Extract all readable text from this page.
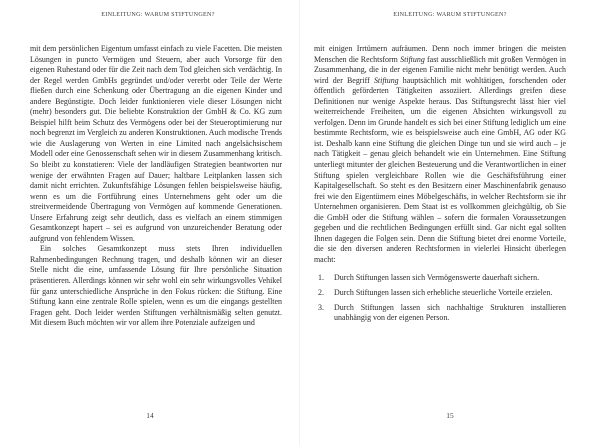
EINLEITUNG: WARUM STIFTUNGEN?

mit dem persönlichen Eigentum umfasst einfach zu viele Facetten. Die meisten Lösungen in puncto Vermögen und Steuern, aber auch Vorsorge für den eigenen Ruhestand oder für die Zeit nach dem Tod gleichen sich verdächtig. In der Regel werden GmbHs gegründet und/oder vererbt oder Teile der Werte fließen durch eine Schenkung oder Übertragung an die eigenen Kinder und andere Begünstigte. Doch leider funktionieren viele dieser Lösungen nicht (mehr) besonders gut. Die beliebte Konstruktion der GmbH & Co. KG zum Beispiel hilft beim Schutz des Vermögens oder bei der Steueroptimierung nur noch begrenzt im Vergleich zu anderen Konstruktionen. Auch modische Trends wie die Auslagerung von Werten in eine Limited nach angelsächsischem Modell oder eine Genossenschaft sehen wir in diesem Zusammenhang kritisch. So bleibt zu konstatieren: Viele der landläufigen Strategien beantworten nur wenige der erwähnten Fragen auf Dauer; haltbare Leitplanken lassen sich damit nicht errichten. Zukunftsfähige Lösungen fehlen beispielsweise häufig, wenn es um die Fortführung eines Unternehmens geht oder um die streitvermeidende Übertragung von Vermögen auf kommende Generationen. Unsere Erfahrung zeigt sehr deutlich, dass es vielfach an einem stimmigen Gesamtkonzept hapert – sei es aufgrund von unzureichender Beratung oder aufgrund von fehlendem Wissen.

Ein solches Gesamtkonzept muss stets Ihren individuellen Rahmenbedingungen Rechnung tragen, und deshalb können wir an dieser Stelle nicht die eine, umfassende Lösung für Ihre persönliche Situation präsentieren. Allerdings können wir sehr wohl ein sehr wirkungsvolles Vehikel für ganz unterschiedliche Ansprüche in den Fokus rücken: die Stiftung. Eine Stiftung kann eine zentrale Rolle spielen, wenn es um die eingangs gestellten Fragen geht. Doch leider werden Stiftungen verhältnismäßig selten genutzt. Mit diesem Buch möchten wir vor allem ihre Potenziale aufzeigen und

14
EINLEITUNG: WARUM STIFTUNGEN?

mit einigen Irrtümern aufräumen. Denn noch immer bringen die meisten Menschen die Rechtsform Stiftung fast ausschließlich mit großen Vermögen in Zusammenhang, die in der eigenen Familie nicht mehr benötigt werden. Auch wird der Begriff Stiftung hauptsächlich mit wohltätigen, forschenden oder öffentlich geförderten Tätigkeiten assoziiert. Allerdings greifen diese Definitionen nur wenige Aspekte heraus. Das Stiftungsrecht lässt hier viel weiterreichende Freiheiten, um die eigenen Absichten wirkungsvoll zu verfolgen. Denn im Grunde handelt es sich bei einer Stiftung lediglich um eine bestimmte Rechtsform, wie es beispielsweise auch eine GmbH, AG oder KG ist. Deshalb kann eine Stiftung die gleichen Dinge tun und sie wird auch – je nach Tätigkeit – genau gleich behandelt wie ein Unternehmen. Eine Stiftung unterliegt mitunter der gleichen Besteuerung und die Verantwortlichen in einer Stiftung spielen vergleichbare Rollen wie die Geschäftsführung einer Kapitalgesellschaft. So steht es den Besitzern einer Maschinenfabrik genauso frei wie den Eigentümern eines Möbelgeschäfts, in welcher Rechtsform sie ihr Unternehmen organisieren. Dem Staat ist es vollkommen gleichgültig, ob Sie die GmbH oder die Stiftung wählen – sofern die formalen Voraussetzungen gegeben und die rechtlichen Bedingungen erfüllt sind. Gar nicht egal sollten Ihnen dagegen die Folgen sein. Denn die Stiftung bietet drei enorme Vorteile, die sie den diversen anderen Rechtsformen in vielerlei Hinsicht überlegen macht:

1. Durch Stiftungen lassen sich Vermögenswerte dauerhaft sichern.
2. Durch Stiftungen lassen sich erhebliche steuerliche Vorteile erzielen.
3. Durch Stiftungen lassen sich nachhaltige Strukturen installieren unabhängig von der eigenen Person.
15
